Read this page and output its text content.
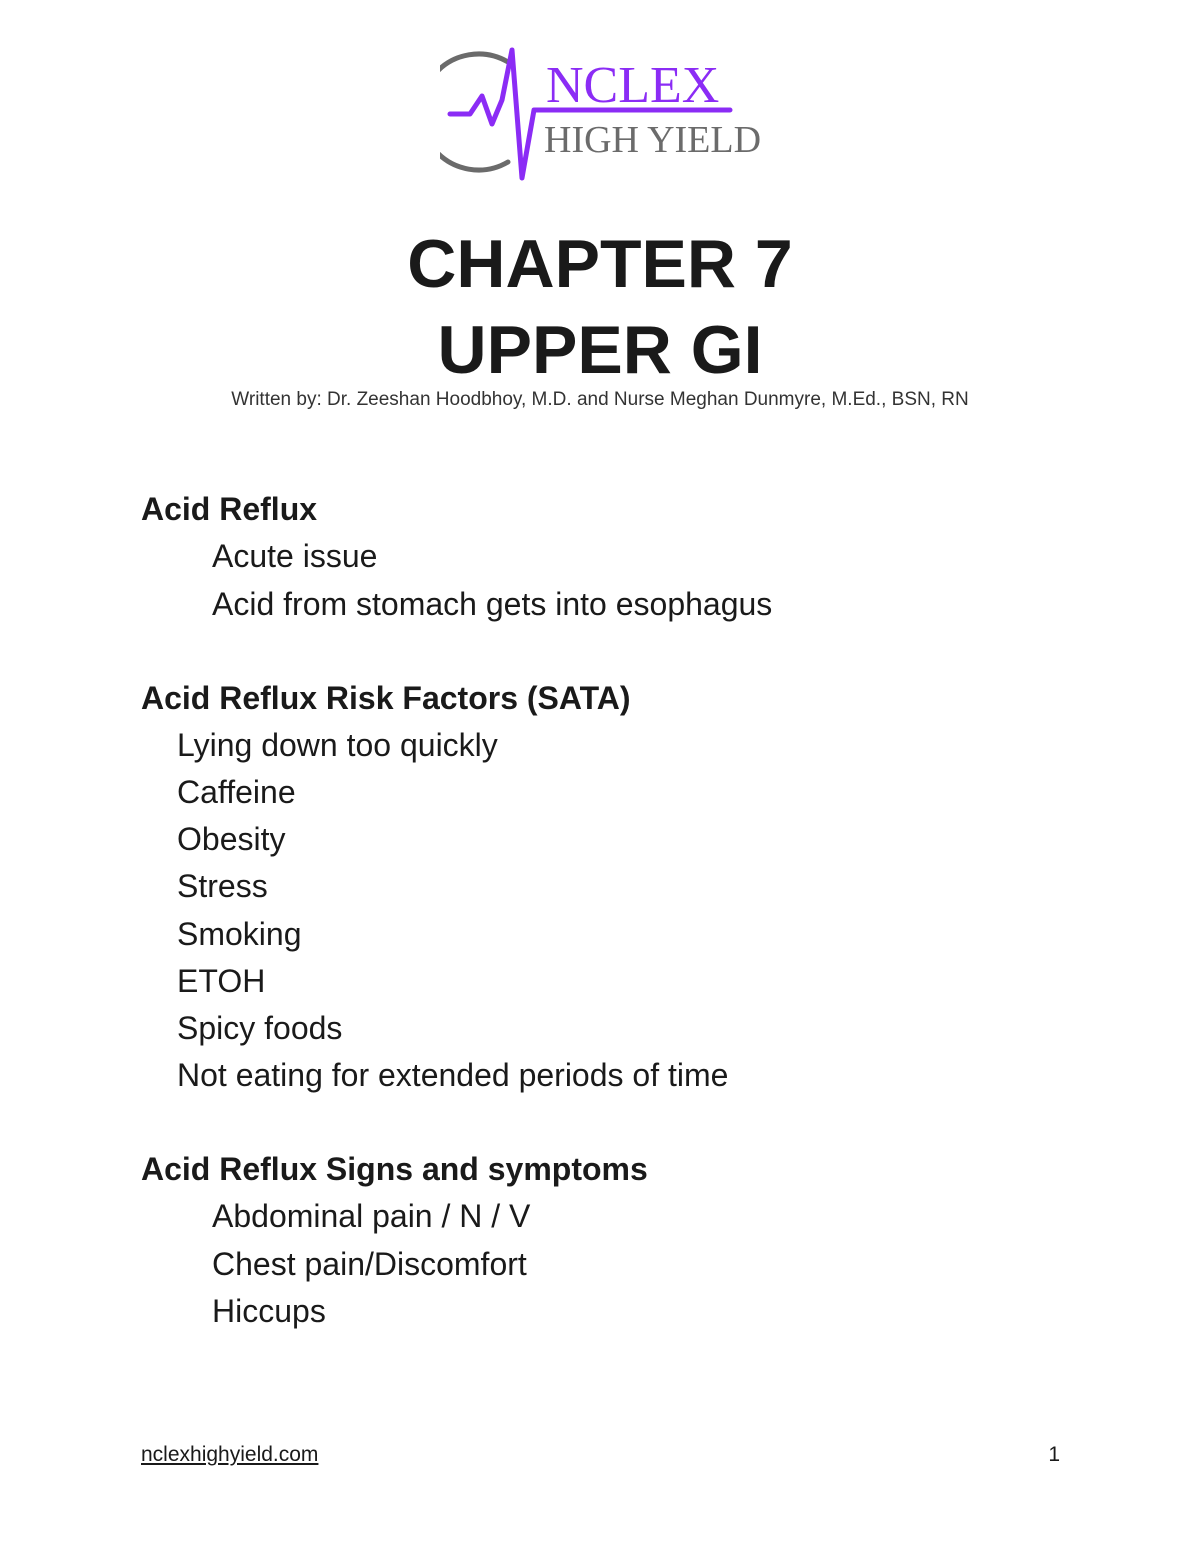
NCLEX
HIGH YIELD
CHAPTER 7
UPPER GI

Written by: Dr. Zeeshan Hoodbhoy, M.D. and Nurse Meghan Dunmyre, M.Ed., BSN, RN

Acid Reflux

Acute issue

Acid from stomach gets into esophagus

Acid Reflux Risk Factors (SATA)

Lying down too quickly

Caffeine

Obesity

Stress

Smoking

ETOH

Spicy foods

Not eating for extended periods of time

Acid Reflux Signs and symptoms

Abdominal pain / N / V

Chest pain/Discomfort

Hiccups

nclexhighyield.com	1
